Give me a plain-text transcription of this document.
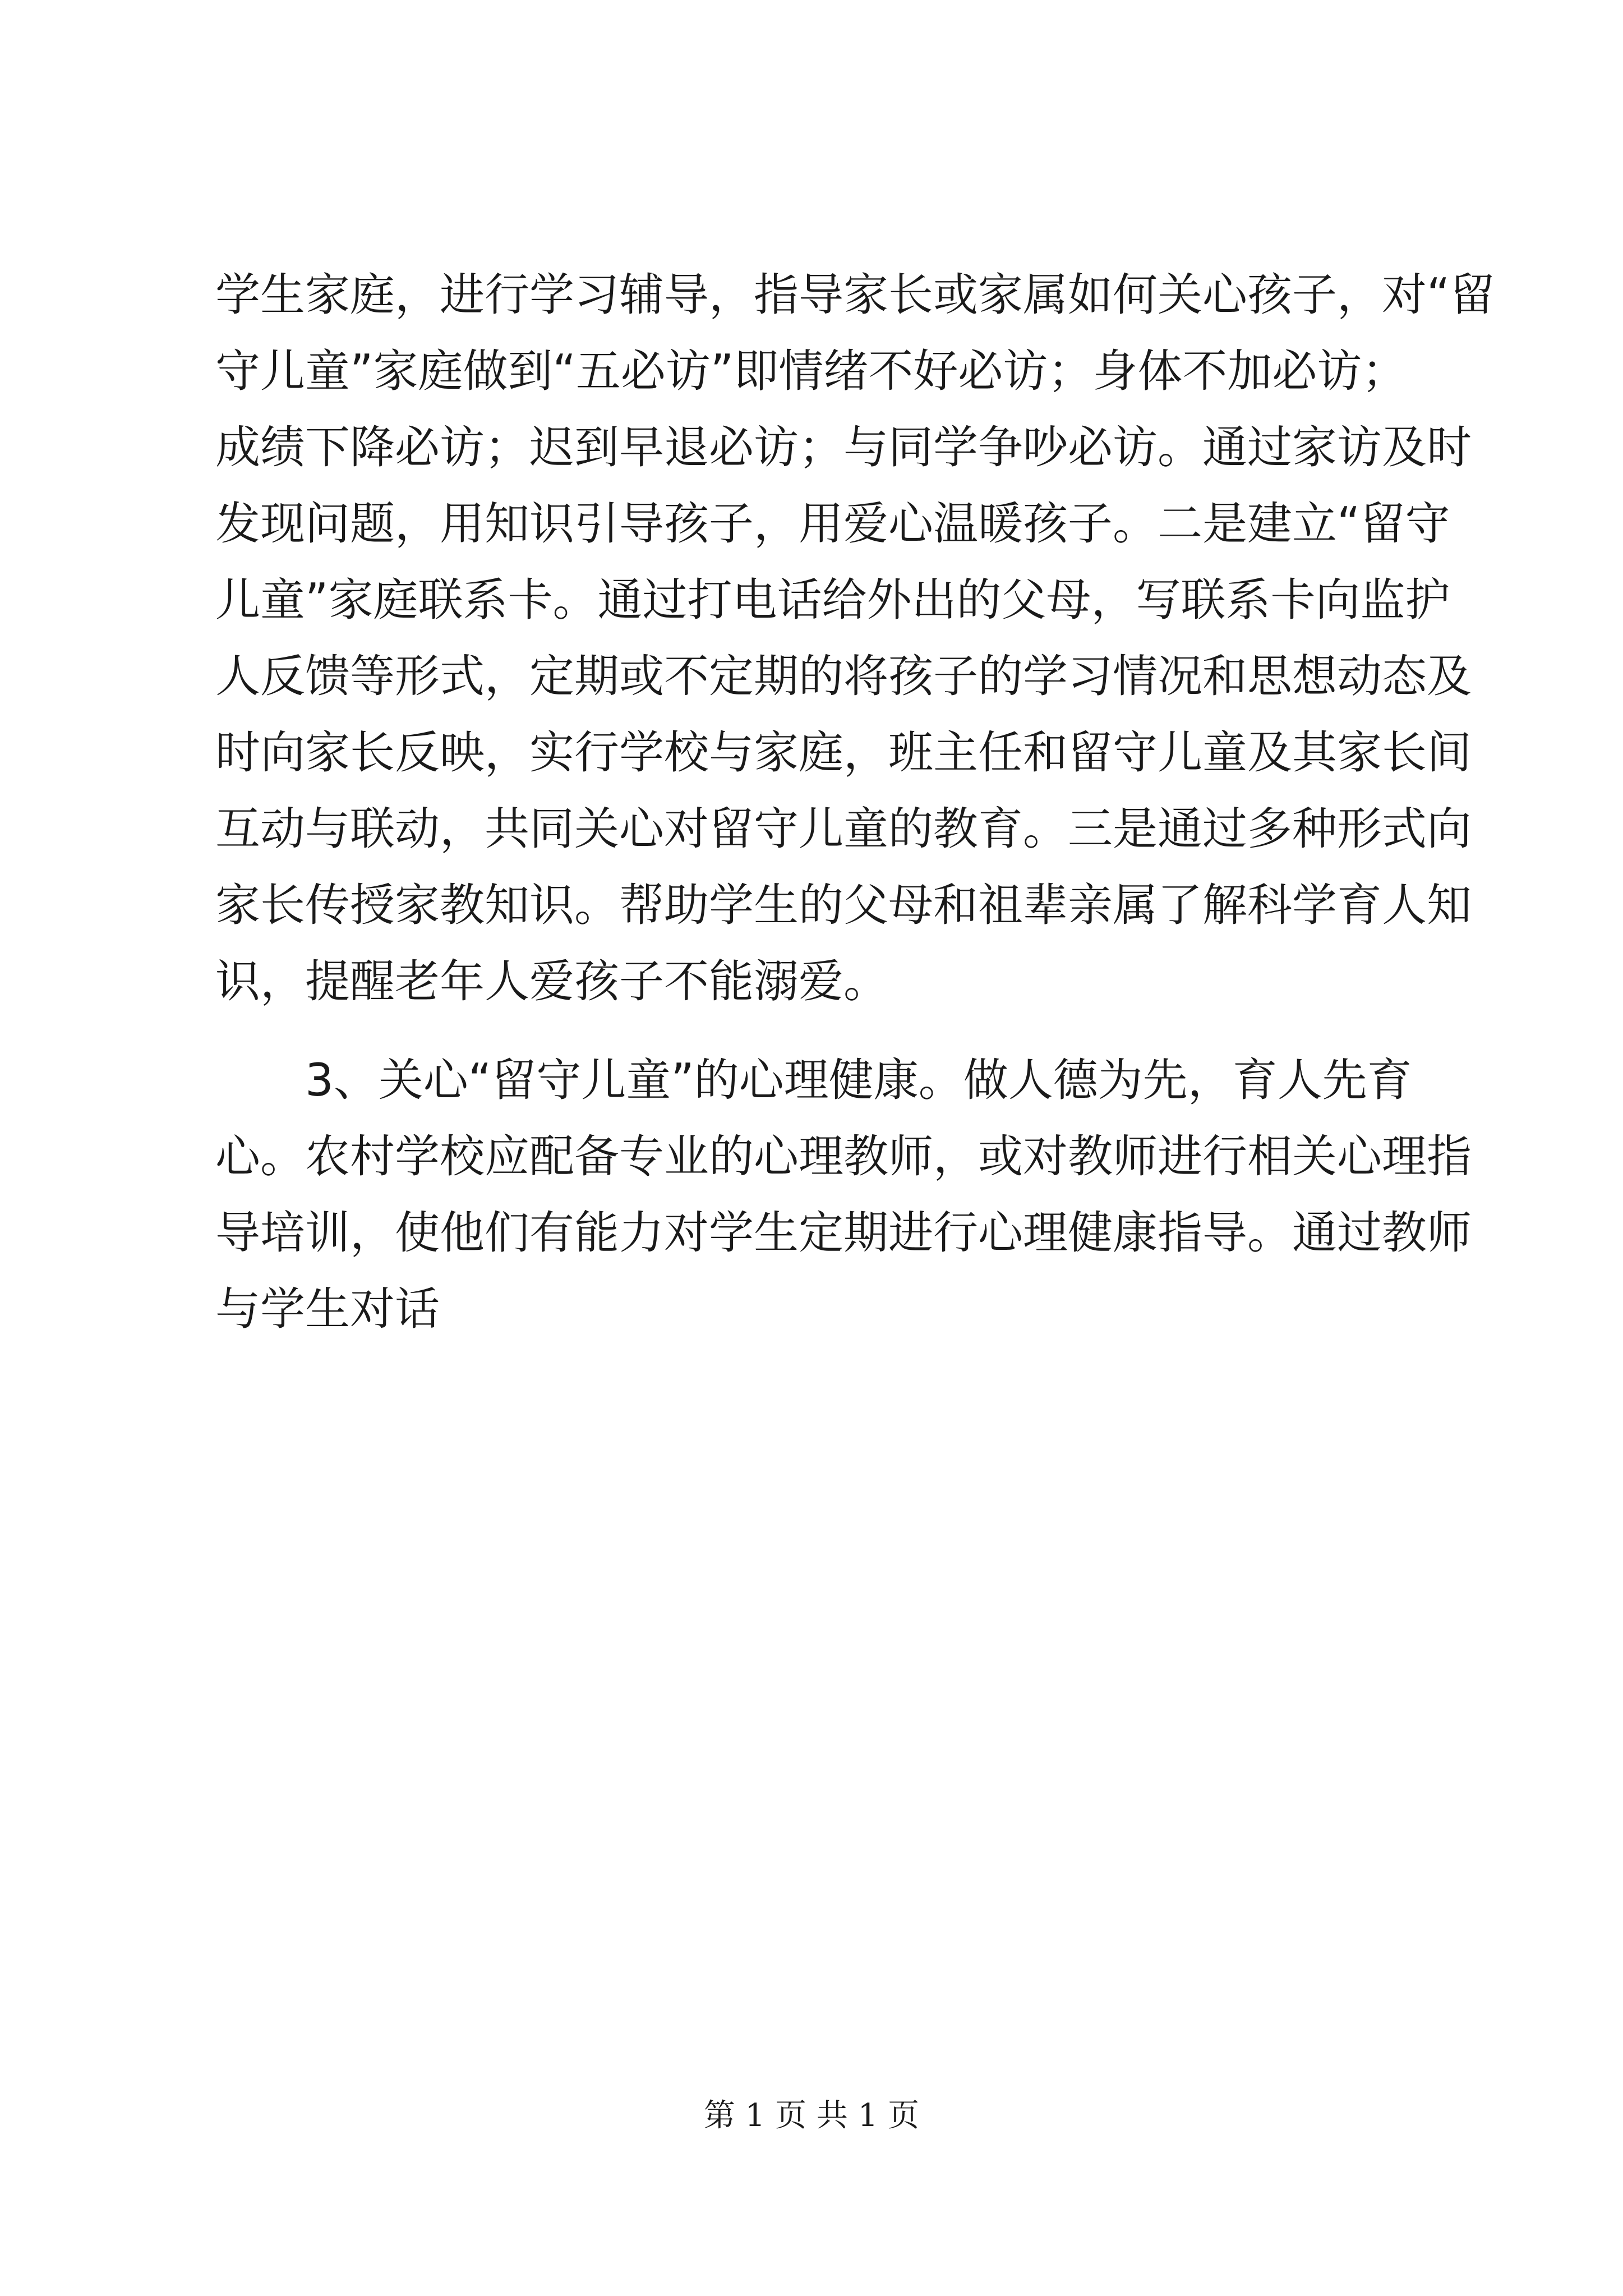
学生家庭，进行学习辅导，指导家长或家属如何关心孩子，对“留
守儿童”家庭做到“五必访”即情绪不好必访；身体不加必访；
成绩下降必访；迟到早退必访；与同学争吵必访。通过家访及时
发现问题，用知识引导孩子，用爱心温暖孩子。二是建立“留守
儿童”家庭联系卡。通过打电话给外出的父母，写联系卡向监护
人反馈等形式，定期或不定期的将孩子的学习情况和思想动态及
时向家长反映，实行学校与家庭，班主任和留守儿童及其家长间
互动与联动，共同关心对留守儿童的教育。三是通过多种形式向
家长传授家教知识。帮助学生的父母和祖辈亲属了解科学育人知
识，提醒老年人爱孩子不能溺爱。
　　3、关心“留守儿童”的心理健康。做人德为先，育人先育
心。农村学校应配备专业的心理教师，或对教师进行相关心理指
导培训，使他们有能力对学生定期进行心理健康指导。通过教师
与学生对话
第 1 页 共 1 页
